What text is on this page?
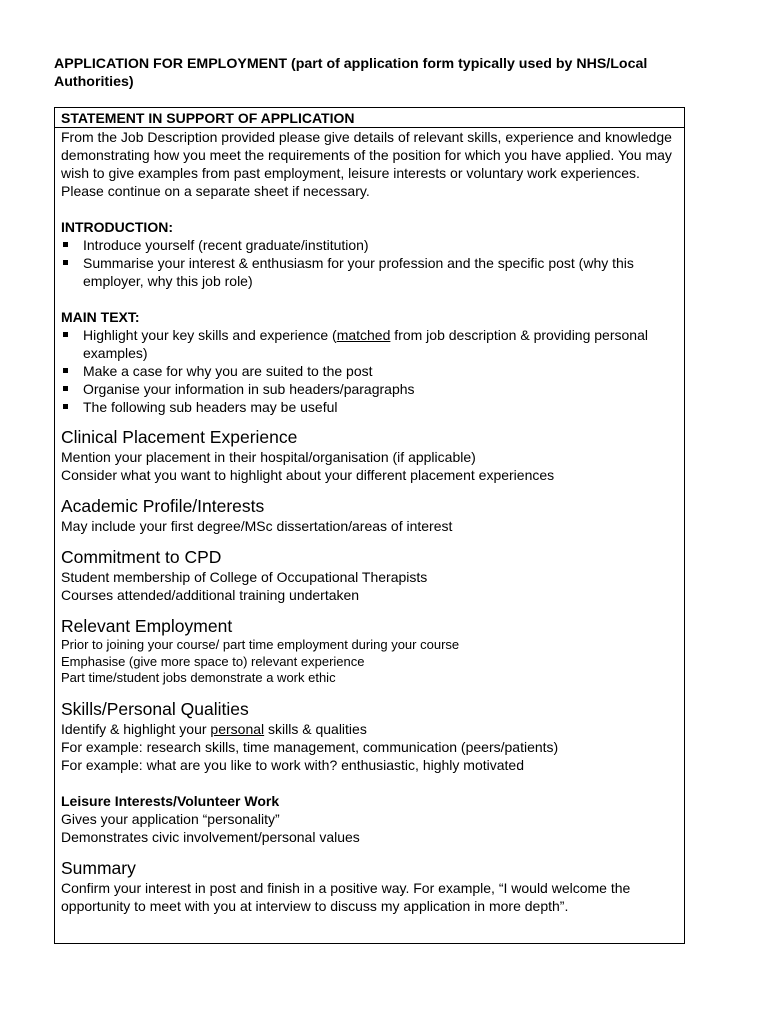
APPLICATION FOR EMPLOYMENT (part of application form typically used by NHS/Local Authorities)
STATEMENT IN SUPPORT OF APPLICATION

From the Job Description provided please give details of relevant skills, experience and knowledge demonstrating how you meet the requirements of the position for which you have applied. You may wish to give examples from past employment, leisure interests or voluntary work experiences. Please continue on a separate sheet if necessary.

INTRODUCTION:

Introduce yourself (recent graduate/institution)
Summarise your interest & enthusiasm for your profession and the specific post (why this employer, why this job role)

MAIN TEXT:

Highlight your key skills and experience (matched from job description & providing personal examples)
Make a case for why you are suited to the post
Organise your information in sub headers/paragraphs
The following sub headers may be useful
Clinical Placement Experience

Mention your placement in their hospital/organisation (if applicable)

Consider what you want to highlight about your different placement experiences

Academic Profile/Interests

May include your first degree/MSc dissertation/areas of interest

Commitment to CPD

Student membership of College of Occupational Therapists

Courses attended/additional training undertaken

Relevant Employment

Prior to joining your course/ part time employment during your course

Emphasise (give more space to) relevant experience

Part time/student jobs demonstrate a work ethic

Skills/Personal Qualities

Identify & highlight your personal skills & qualities

For example: research skills, time management, communication (peers/patients)

For example: what are you like to work with? enthusiastic, highly motivated

Leisure Interests/Volunteer Work

Gives your application “personality”

Demonstrates civic involvement/personal values

Summary

Confirm your interest in post and finish in a positive way. For example, “I would welcome the opportunity to meet with you at interview to discuss my application in more depth”.
